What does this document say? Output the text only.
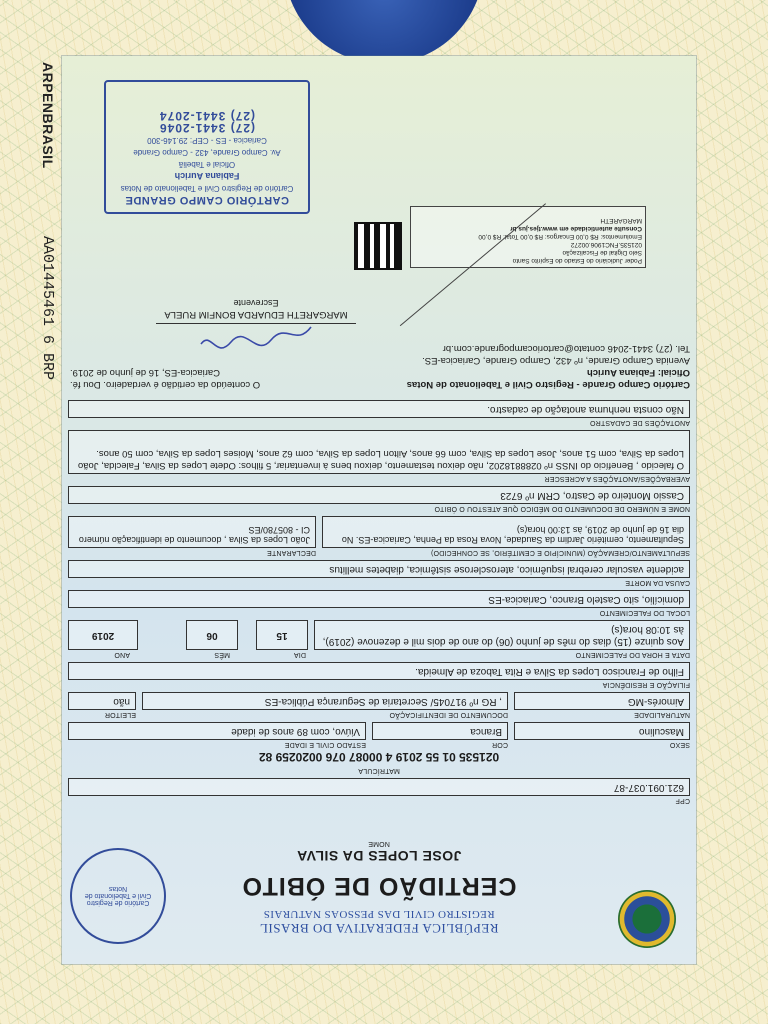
ARPENBRASIL
AA01445461 6 BRP
Cartório de Registro Civil e Tabelionato de Notas
REPÚBLICA FEDERATIVA DO BRASIL
REGISTRO CIVIL DAS PESSOAS NATURAIS
CERTIDÃO DE ÓBITO
JOSE LOPES DA SILVA
NOME
CPF
621.091.037-87
MATRÍCULA
021535 01 55 2019 4 00087 076 0020259 82
SEXO
COR
ESTADO CIVIL E IDADE
Masculino
Branca
Viúvo, com 89 anos de idade
NATURALIDADE
DOCUMENTO DE IDENTIFICAÇÃO
ELEITOR
Aimorés-MG
, RG nº 917045/ Secretaria de Segurança Pública-ES
não
FILIAÇÃO E RESIDÊNCIA
Filho de Francisco Lopes da Silva e Rita Taboza de Almeida.
DATA E HORA DO FALECIMENTO
DIA
MÊS
ANO
Aos quinze (15) dias do mês de junho (06) do ano de dois mil e dezenove (2019), às 10:08 hora(s)
15
06
2019
LOCAL DO FALECIMENTO
domicílio, sito Castelo Branco, Cariacica-ES
CAUSA DA MORTE
acidente vascular cerebral isquêmico, aterosclerose sistêmica, diabetes mellitus
SEPULTAMENTO/CREMAÇÃO (MUNICÍPIO E CEMITÉRIO, SE CONHECIDO)
DECLARANTE
Sepultamento, cemitério Jardim da Saudade, Nova Rosa da Penha, Cariacica-ES. No dia 16 de junho de 2019, às 13:00 hora(s)
João Lopes da Silva , documento de identificação número CI - 805780/ES
NOME E NÚMERO DE DOCUMENTO DO MÉDICO QUE ATESTOU O ÓBITO
Cassio Monteiro de Castro, CRM nº 6723
AVERBAÇÕES/ANOTAÇÕES A ACRESCER
O falecido , Benefício do INSS nº 0288818202, não deixou testamento, deixou bens à inventariar, 5 filhos: Odete Lopes da Silva, Faleclda, João Lopes da Silva, com 51 anos, Jose Lopes da Silva, com 66 anos, Ailton Lopes da Silva, com 62 anos, Moises Lopes da Silva, com 50 anos.
ANOTAÇÕES DE CADASTRO
Não consta nenhuma anotação de cadastro.
Cartório Campo Grande - Registro Civil e Tabelionato de Notas
Oficial: Fabiana Aurich
Avenida Campo Grande, nº 432, Campo Grande, Cariacica-ES.
Tel. (27) 3441-2046 contato@cartoriocampogrande.com.br
O conteúdo da certidão é verdadeiro. Dou fé.
Cariacica-ES, 16 de junho de 2019.
MARGARETH EDUARDA BONFIM RUELA
Escrevente
Poder Judiciário do Estado do Espírito Santo
Selo Digital de Fiscalização
021535.FNC1906.00272
Emolumentos: R$ 0,00 Encargos: R$ 0,00 Total: R$ 0,00
Consulte autenticidade em www.tjes.jus.br
MARGARETH
CARTÓRIO CAMPO GRANDE
Cartório de Registro Civil e Tabelionato de Notas
Fabiana Aurich
Oficial e Tabeliã
Av. Campo Grande, 432 - Campo Grande
Cariacica - ES - CEP: 29.146-300
(27) 3441-2046
(27) 3441-2074
